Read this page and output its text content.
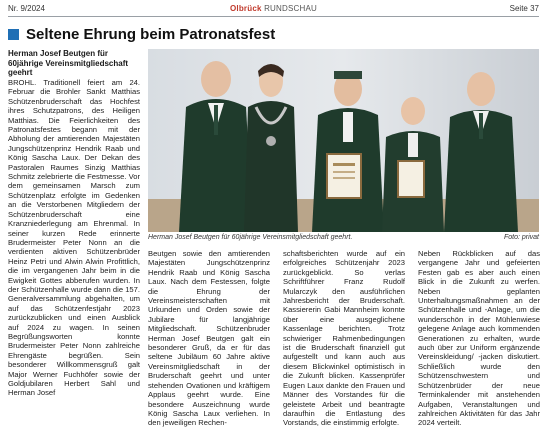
Nr. 9/2024	Olbrück RUNDSCHAU	Seite 37
Seltene Ehrung beim Patronatsfest
Herman Josef Beutgen für 60jährige Vereinsmitgliedschaft geehrt

BROHL. Traditionell feiert am 24. Februar die Brohler Sankt Matthias Schützenbruderschaft das Hochfest ihres Schutzpatrons, des Heiligen Matthias. Die Feierlichkeiten des Patronatsfestes begann mit der Abholung der amtierenden Majestäten Jungschützenprinz Hendrik Raab und König Sascha Laux. Der Dekan des Pastoralen Raumes Sinzig Matthias Schmitz zelebrierte die Festmesse. Vor dem gemeinsamen Marsch zum Schützenplatz erfolgte im Gedenken an die Verstorbenen Mitgliedern der Schützenbruderschaft eine Kranzniederlegung am Ehrenmal. In seiner kurzen Rede erinnerte Brudermeister Peter Nonn an die verdienten aktiven Schützenbrüder Heinz Petri und Alwin Alwin Profittlich, die im vergangenen Jahr beim in die Ewigkeit Gottes abberufen wurden. In der Schützenhalle wurde dann die 157. Generalversammlung abgehalten, um auf das Schützenfestjahr 2023 zurückzublicken und einen Ausblick auf 2024 zu wagen. In seinen Begrüßungsworten konnte Brudermeister Peter Nonn zahlreiche Ehrengäste begrüßen. Sein besonderer Willkommensgruß galt Major Werner Fuchhöfer sowie der Goldjubilaren Herbert Sahl und Herman Josef

Herman Josef Beutgen für 60jährige Vereinsmitgliedschaft geehrt.	Foto: privat

Beutgen sowie den amtierenden Majestäten Jungschützenprinz Hendrik Raab und König Sascha Laux. Nach dem Festessen, folgte die Ehrung der Vereinsmeisterschaften mit Urkunden und Orden sowie der Jubilare für langjährige Mitgliedschaft. Schützenbruder Herman Josef Beutgen galt ein besonderer Gruß, da er für das seltene Jubiläum 60 Jahre aktive Vereinsmitgliedschaft in der Bruderschaft geehrt und unter stehenden Ovationen und kräftigem Applaus geehrt wurde. Eine besondere Auszeichnung wurde König Sascha Laux verliehen. In den jeweiligen Rechen-

schaftsberichten wurde auf ein erfolgreiches Schützenjahr 2023 zurückgeblickt. So verlas Schriftführer Franz Rudolf Mularczyk den ausführlichen Jahresbericht der Bruderschaft. Kassiererin Gabi Mannheim konnte über eine ausgeglichene Kassenlage berichten. Trotz schwieriger Rahmenbedingungen ist die Bruderschaft finanziell gut aufgestellt und kann auch aus diesem Blickwinkel optimistisch in die Zukunft blicken. Kassenprüfer Eugen Laux dankte den Frauen und Männer des Vorstandes für die geleistete Arbeit und beantragte daraufhin die Entlastung des Vorstands, die einstimmig erfolgte.

Neben Rückblicken auf das vergangene Jahr und gefeierten Festen gab es aber auch einen Blick in die Zukunft zu werfen. Neben geplanten Unterhaltungsmaßnahmen an der Schützenhalle und -Anlage, um die wunderschön in der Mühlenwiese gelegene Anlage auch kommenden Generationen zu erhalten, wurde auch über zur Uniform ergänzende Vereinskleidung/ -jacken diskutiert. Schließlich wurde den Schützenschwestern und Schützenbrüder der neue Terminkalender mit anstehenden Aufgaben, Veranstaltungen und zahlreichen Aktivitäten für das Jahr 2024 verteilt.
